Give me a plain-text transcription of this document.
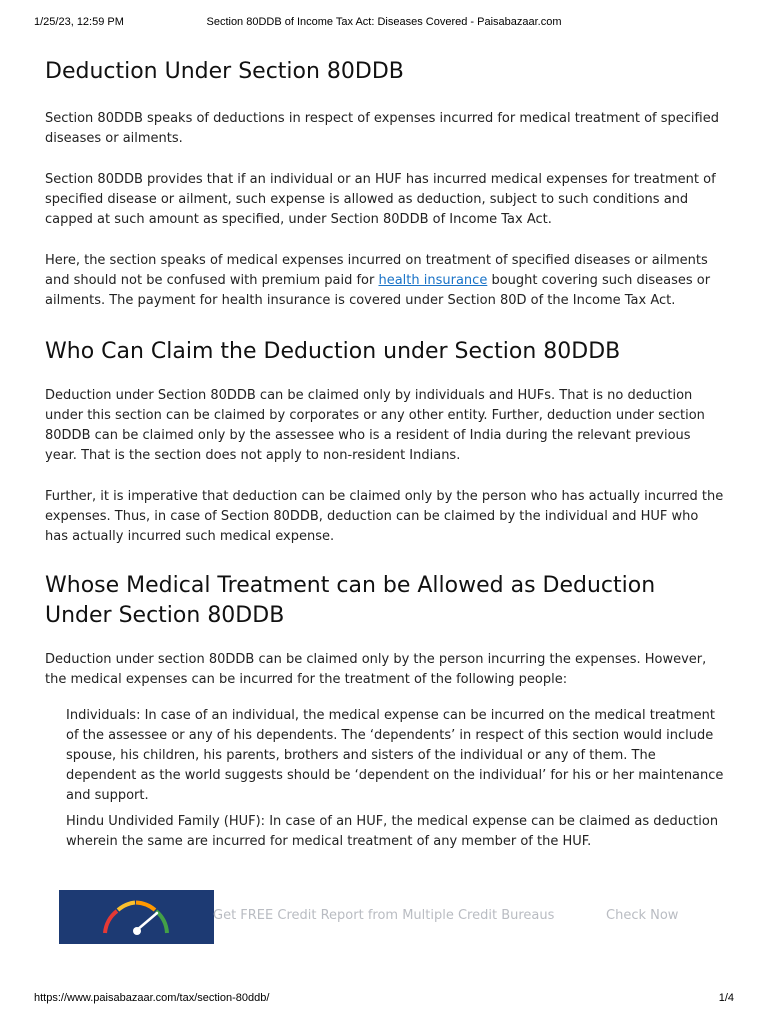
1/25/23, 12:59 PM	Section 80DDB of Income Tax Act: Diseases Covered - Paisabazaar.com
Deduction Under Section 80DDB

Section 80DDB speaks of deductions in respect of expenses incurred for medical treatment of specified diseases or ailments.

Section 80DDB provides that if an individual or an HUF has incurred medical expenses for treatment of specified disease or ailment, such expense is allowed as deduction, subject to such conditions and capped at such amount as specified, under Section 80DDB of Income Tax Act.

Here, the section speaks of medical expenses incurred on treatment of specified diseases or ailments and should not be confused with premium paid for health insurance bought covering such diseases or ailments. The payment for health insurance is covered under Section 80D of the Income Tax Act.

Who Can Claim the Deduction under Section 80DDB

Deduction under Section 80DDB can be claimed only by individuals and HUFs. That is no deduction under this section can be claimed by corporates or any other entity. Further, deduction under section 80DDB can be claimed only by the assessee who is a resident of India during the relevant previous year. That is the section does not apply to non-resident Indians.

Further, it is imperative that deduction can be claimed only by the person who has actually incurred the expenses. Thus, in case of Section 80DDB, deduction can be claimed by the individual and HUF who has actually incurred such medical expense.

Whose Medical Treatment can be Allowed as Deduction Under Section 80DDB

Deduction under section 80DDB can be claimed only by the person incurring the expenses. However, the medical expenses can be incurred for the treatment of the following people:

Individuals: In case of an individual, the medical expense can be incurred on the medical treatment of the assessee or any of his dependents. The ‘dependents’ in respect of this section would include spouse, his children, his parents, brothers and sisters of the individual or any of them. The dependent as the world suggests should be ‘dependent on the individual’ for his or her maintenance and support.
Hindu Undivided Family (HUF): In case of an HUF, the medical expense can be claimed as deduction wherein the same are incurred for medical treatment of any member of the HUF.
Get FREE Credit Report from Multiple Credit Bureaus	Check Now
https://www.paisabazaar.com/tax/section-80ddb/	1/4
